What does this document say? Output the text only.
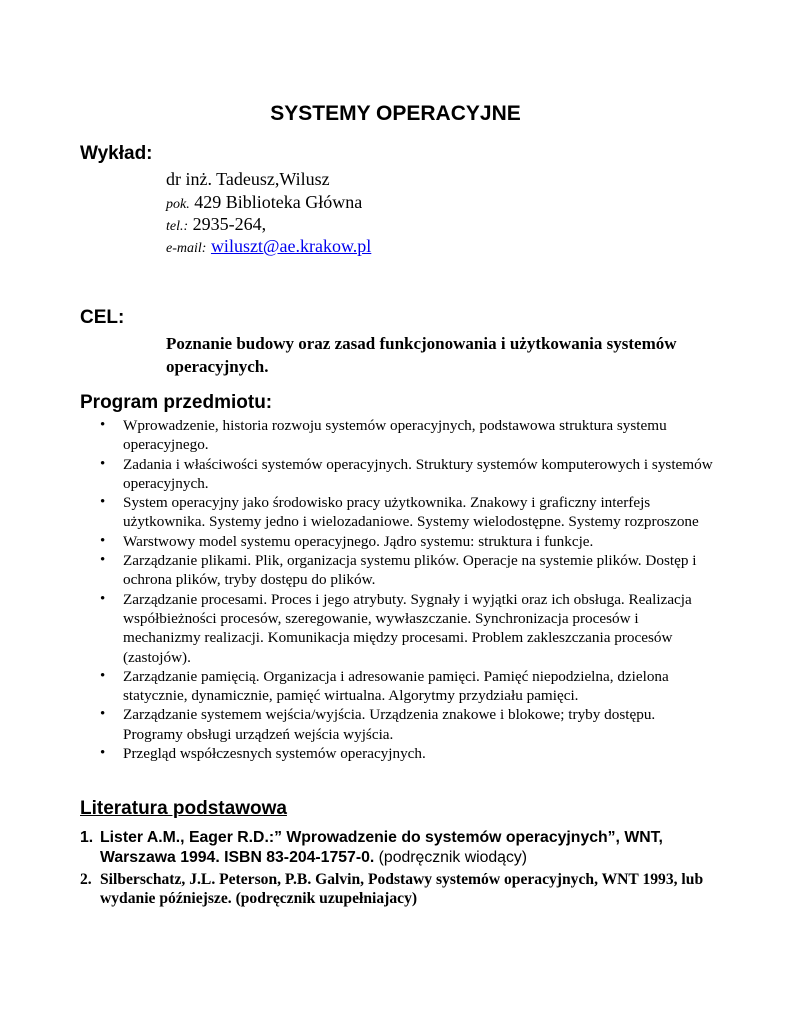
SYSTEMY OPERACYJNE
Wykład:
dr inż. Tadeusz,Wilusz
pok. 429 Biblioteka Główna
tel.: 2935-264,
e-mail: wiluszt@ae.krakow.pl
CEL:
Poznanie budowy oraz zasad funkcjonowania i użytkowania systemów operacyjnych.
Program przedmiotu:
• Wprowadzenie, historia rozwoju systemów operacyjnych, podstawowa struktura systemu operacyjnego.
• Zadania i właściwości systemów operacyjnych. Struktury systemów komputerowych i systemów operacyjnych.
• System operacyjny jako środowisko pracy użytkownika. Znakowy i graficzny interfejs użytkownika. Systemy jedno i wielozadaniowe. Systemy wielodostępne. Systemy rozproszone
• Warstwowy model systemu operacyjnego. Jądro systemu: struktura i funkcje.
• Zarządzanie plikami. Plik, organizacja systemu plików. Operacje na systemie plików. Dostęp i ochrona plików, tryby dostępu do plików.
• Zarządzanie procesami. Proces i jego atrybuty. Sygnały i wyjątki oraz ich obsługa. Realizacja współbieżności procesów, szeregowanie, wywłaszczanie. Synchronizacja procesów i mechanizmy realizacji. Komunikacja między procesami. Problem zakleszczania procesów (zastojów).
• Zarządzanie pamięcią. Organizacja i adresowanie pamięci. Pamięć niepodzielna, dzielona statycznie, dynamicznie, pamięć wirtualna. Algorytmy przydziału pamięci.
• Zarządzanie systemem wejścia/wyjścia. Urządzenia znakowe i blokowe; tryby dostępu. Programy obsługi urządzeń wejścia wyjścia.
• Przegląd współczesnych systemów operacyjnych.
Literatura podstawowa
1. Lister A.M., Eager R.D.:” Wprowadzenie do systemów operacyjnych”, WNT, Warszawa 1994. ISBN 83-204-1757-0. (podręcznik wiodący)
2. Silberschatz, J.L. Peterson, P.B. Galvin, Podstawy systemów operacyjnych, WNT 1993, lub wydanie późniejsze. (podręcznik uzupełniajacy)
